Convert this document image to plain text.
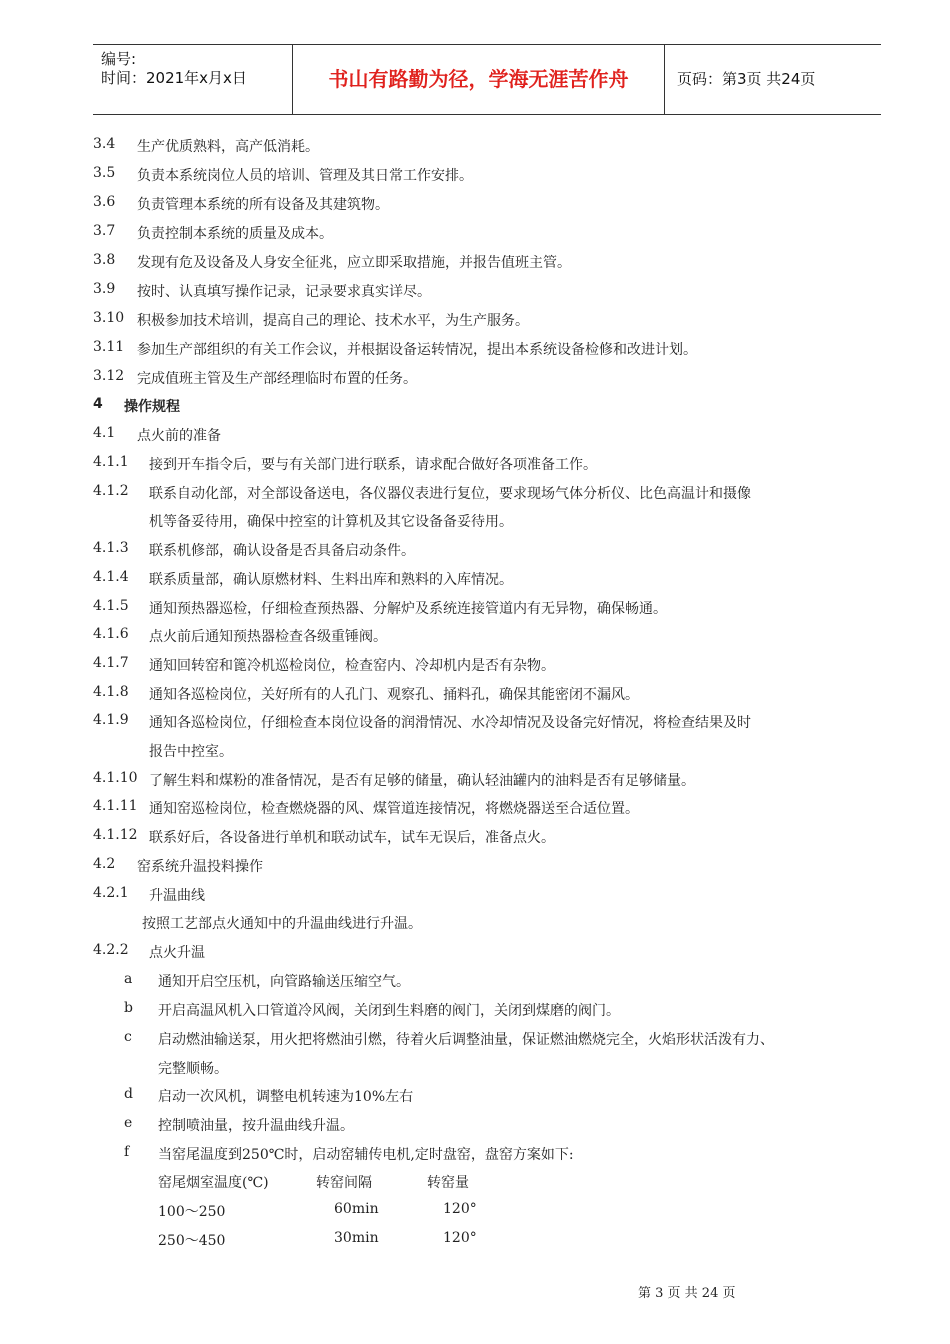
编号:
时间：2021年x月x日	书山有路勤为径，学海无涯苦作舟	页码：第3页 共24页
3.4 生产优质熟料，高产低消耗。
3.5 负责本系统岗位人员的培训、管理及其日常工作安排。
3.6 负责管理本系统的所有设备及其建筑物。
3.7 负责控制本系统的质量及成本。
3.8 发现有危及设备及人身安全征兆，应立即采取措施，并报告值班主管。
3.9 按时、认真填写操作记录，记录要求真实详尽。
3.10 积极参加技术培训，提高自己的理论、技术水平，为生产服务。
3.11 参加生产部组织的有关工作会议，并根据设备运转情况，提出本系统设备检修和改进计划。
3.12 完成值班主管及生产部经理临时布置的任务。
4 操作规程
4.1 点火前的准备
4.1.1 接到开车指令后，要与有关部门进行联系，请求配合做好各项准备工作。
4.1.2 联系自动化部，对全部设备送电，各仪器仪表进行复位，要求现场气体分析仪、比色高温计和摄像
机等备妥待用，确保中控室的计算机及其它设备备妥待用。
4.1.3 联系机修部，确认设备是否具备启动条件。
4.1.4 联系质量部，确认原燃材料、生料出库和熟料的入库情况。
4.1.5 通知预热器巡检，仔细检查预热器、分解炉及系统连接管道内有无异物，确保畅通。
4.1.6 点火前后通知预热器检查各级重锤阀。
4.1.7 通知回转窑和篦冷机巡检岗位，检查窑内、冷却机内是否有杂物。
4.1.8 通知各巡检岗位，关好所有的人孔门、观察孔、捅料孔，确保其能密闭不漏风。
4.1.9 通知各巡检岗位，仔细检查本岗位设备的润滑情况、水冷却情况及设备完好情况，将检查结果及时
报告中控室。
4.1.10 了解生料和煤粉的准备情况，是否有足够的储量，确认轻油罐内的油料是否有足够储量。
4.1.11 通知窑巡检岗位，检查燃烧器的风、煤管道连接情况，将燃烧器送至合适位置。
4.1.12 联系好后，各设备进行单机和联动试车，试车无误后，准备点火。
4.2 窑系统升温投料操作
4.2.1 升温曲线
按照工艺部点火通知中的升温曲线进行升温。
4.2.2 点火升温
a 通知开启空压机，向管路输送压缩空气。
b 开启高温风机入口管道冷风阀，关闭到生料磨的阀门，关闭到煤磨的阀门。
c 启动燃油输送泵，用火把将燃油引燃，待着火后调整油量，保证燃油燃烧完全，火焰形状活泼有力、
完整顺畅。
d 启动一次风机，调整电机转速为10%左右
e 控制喷油量，按升温曲线升温。
f 当窑尾温度到250℃时，启动窑辅传电机,定时盘窑，盘窑方案如下:
窑尾烟室温度(℃)	转窑间隔	转窑量
100～250	60min	120°
250～450	30min	120°
第 3 页 共 24 页
